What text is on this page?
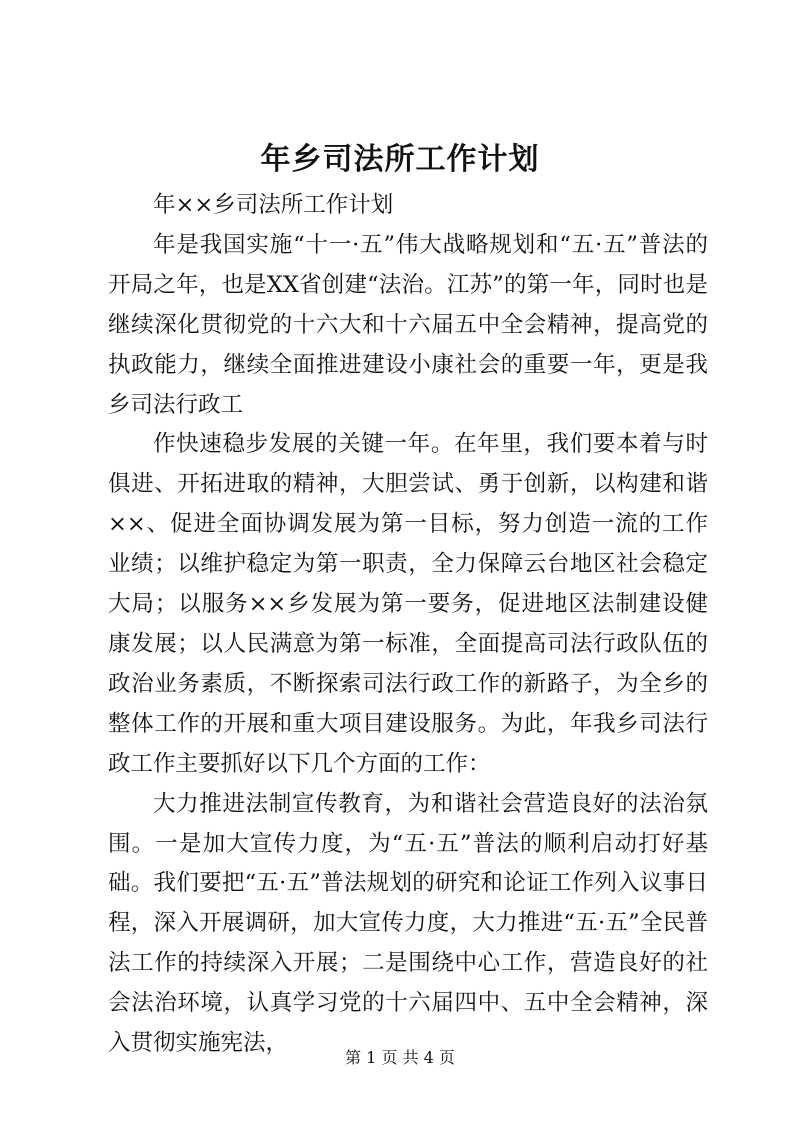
年乡司法所工作计划

年××乡司法所工作计划

年是我国实施“十一·五”伟大战略规划和“五·五”普法的开局之年，也是XX省创建“法治。江苏”的第一年，同时也是继续深化贯彻党的十六大和十六届五中全会精神，提高党的执政能力，继续全面推进建设小康社会的重要一年，更是我乡司法行政工

作快速稳步发展的关键一年。在年里，我们要本着与时俱进、开拓进取的精神，大胆尝试、勇于创新，以构建和谐××、促进全面协调发展为第一目标，努力创造一流的工作业绩；以维护稳定为第一职责，全力保障云台地区社会稳定大局；以服务××乡发展为第一要务，促进地区法制建设健康发展；以人民满意为第一标准，全面提高司法行政队伍的政治业务素质，不断探索司法行政工作的新路子，为全乡的整体工作的开展和重大项目建设服务。为此，年我乡司法行政工作主要抓好以下几个方面的工作：

大力推进法制宣传教育，为和谐社会营造良好的法治氛围。一是加大宣传力度，为“五·五”普法的顺利启动打好基础。我们要把“五·五”普法规划的研究和论证工作列入议事日程，深入开展调研，加大宣传力度，大力推进“五·五”全民普法工作的持续深入开展；二是围绕中心工作，营造良好的社会法治环境，认真学习党的十六届四中、五中全会精神，深入贯彻实施宪法，

第 1 页 共 4 页
